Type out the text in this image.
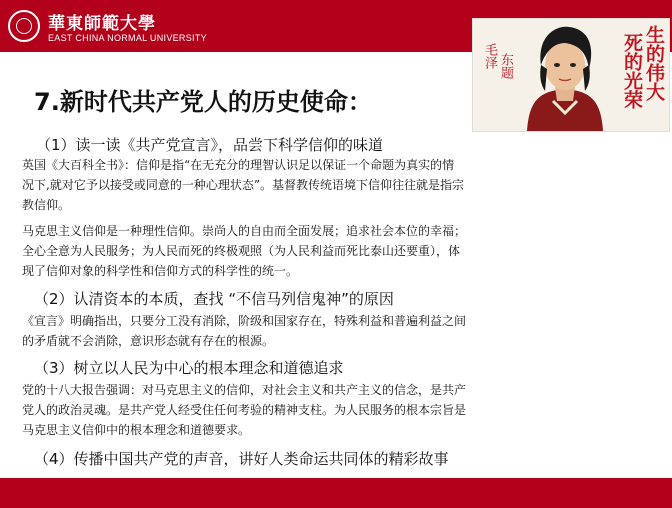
華東師範大學
EAST CHINA NORMAL UNIVERSITY	生的伟大
死的光荣
毛泽 东题
7.新时代共产党人的历史使命：
（1）读一读《共产党宣言》，品尝下科学信仰的味道
英国《大百科全书》：信仰是指“在无充分的理智认识足以保证一个命题为真实的情
况下,就对它予以接受或同意的一种心理状态”。基督教传统语境下信仰往往就是指宗
教信仰。
马克思主义信仰是一种理性信仰。崇尚人的自由而全面发展；追求社会本位的幸福；
全心全意为人民服务；为人民而死的终极观照（为人民利益而死比泰山还要重），体
现了信仰对象的科学性和信仰方式的科学性的统一。
（2）认清资本的本质，查找 “不信马列信鬼神”的原因
《宣言》明确指出，只要分工没有消除，阶级和国家存在，特殊利益和普遍利益之间
的矛盾就不会消除，意识形态就有存在的根源。
（3）树立以人民为中心的根本理念和道德追求
党的十八大报告强调：对马克思主义的信仰，对社会主义和共产主义的信念，是共产
党人的政治灵魂。是共产党人经受住任何考验的精神支柱。为人民服务的根本宗旨是
马克思主义信仰中的根本理念和道德要求。
（4）传播中国共产党的声音，讲好人类命运共同体的精彩故事
